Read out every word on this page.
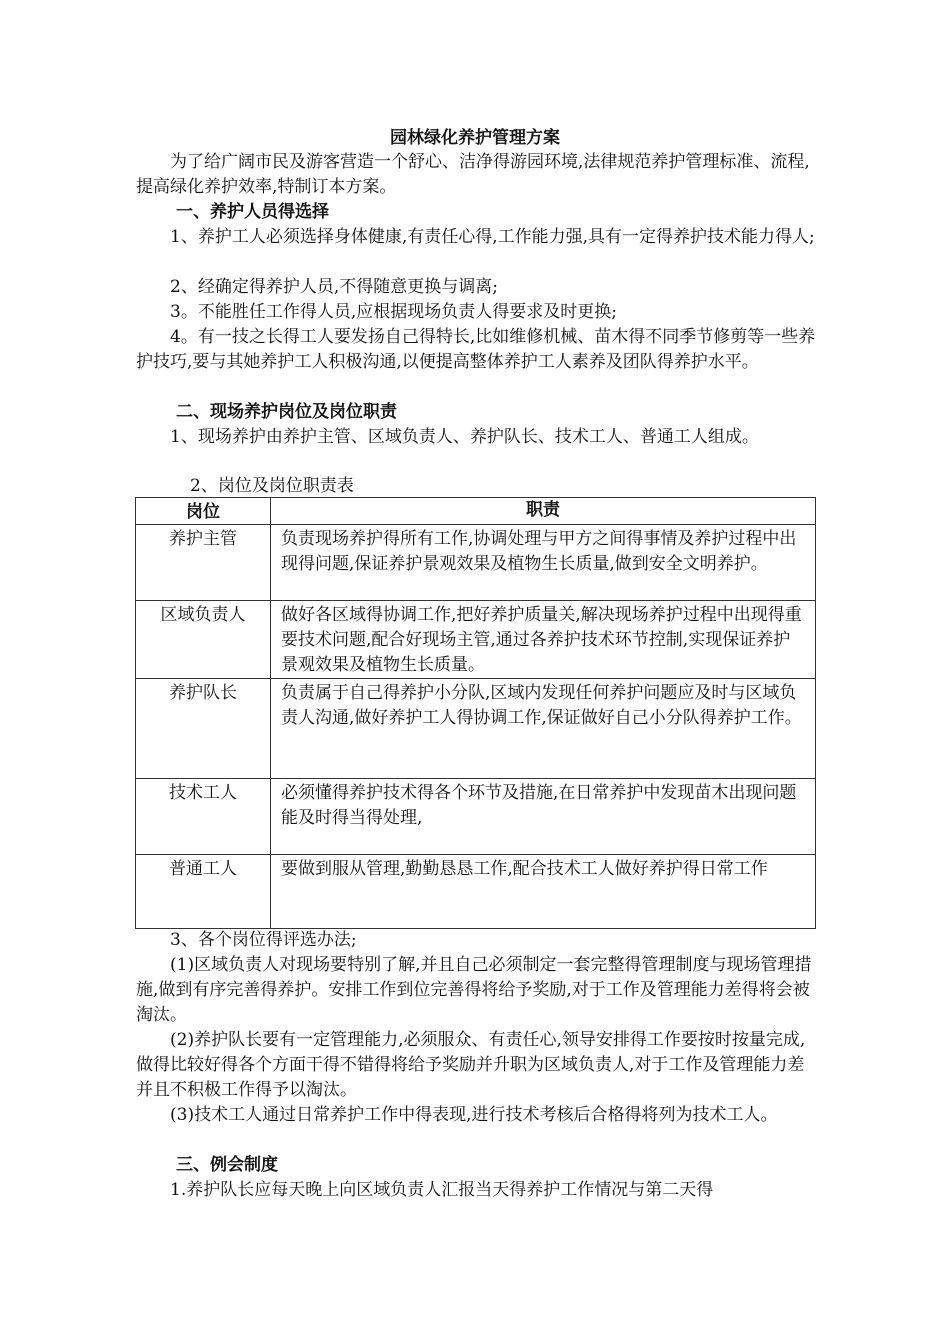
园林绿化养护管理方案

为了给广阔市民及游客营造一个舒心、洁净得游园环境,法律规范养护管理标准、流程,提高绿化养护效率,特制订本方案。

一、养护人员得选择

1、养护工人必须选择身体健康,有责任心得,工作能力强,具有一定得养护技术能力得人;

2、经确定得养护人员,不得随意更换与调离;

3。不能胜任工作得人员,应根据现场负责人得要求及时更换;

4。有一技之长得工人要发扬自己得特长,比如维修机械、苗木得不同季节修剪等一些养护技巧,要与其她养护工人积极沟通,以便提高整体养护工人素养及团队得养护水平。

二、现场养护岗位及岗位职责

1、现场养护由养护主管、区域负责人、养护队长、技术工人、普通工人组成。

2、岗位及岗位职责表
岗位	职责
养护主管	负责现场养护得所有工作,协调处理与甲方之间得事情及养护过程中出现得问题,保证养护景观效果及植物生长质量,做到安全文明养护。
区域负责人	做好各区域得协调工作,把好养护质量关,解决现场养护过程中出现得重要技术问题,配合好现场主管,通过各养护技术环节控制,实现保证养护景观效果及植物生长质量。
养护队长	负责属于自己得养护小分队,区域内发现任何养护问题应及时与区域负责人沟通,做好养护工人得协调工作,保证做好自己小分队得养护工作。
技术工人	必须懂得养护技术得各个环节及措施,在日常养护中发现苗木出现问题能及时得当得处理,
普通工人	要做到服从管理,勤勤恳恳工作,配合技术工人做好养护得日常工作

3、各个岗位得评选办法;

(1)区域负责人对现场要特别了解,并且自己必须制定一套完整得管理制度与现场管理措施,做到有序完善得养护。安排工作到位完善得将给予奖励,对于工作及管理能力差得将会被淘汰。

(2)养护队长要有一定管理能力,必须服众、有责任心,领导安排得工作要按时按量完成,做得比较好得各个方面干得不错得将给予奖励并升职为区域负责人,对于工作及管理能力差并且不积极工作得予以淘汰。

(3)技术工人通过日常养护工作中得表现,进行技术考核后合格得将列为技术工人。

三、例会制度

1.养护队长应每天晚上向区域负责人汇报当天得养护工作情况与第二天得
